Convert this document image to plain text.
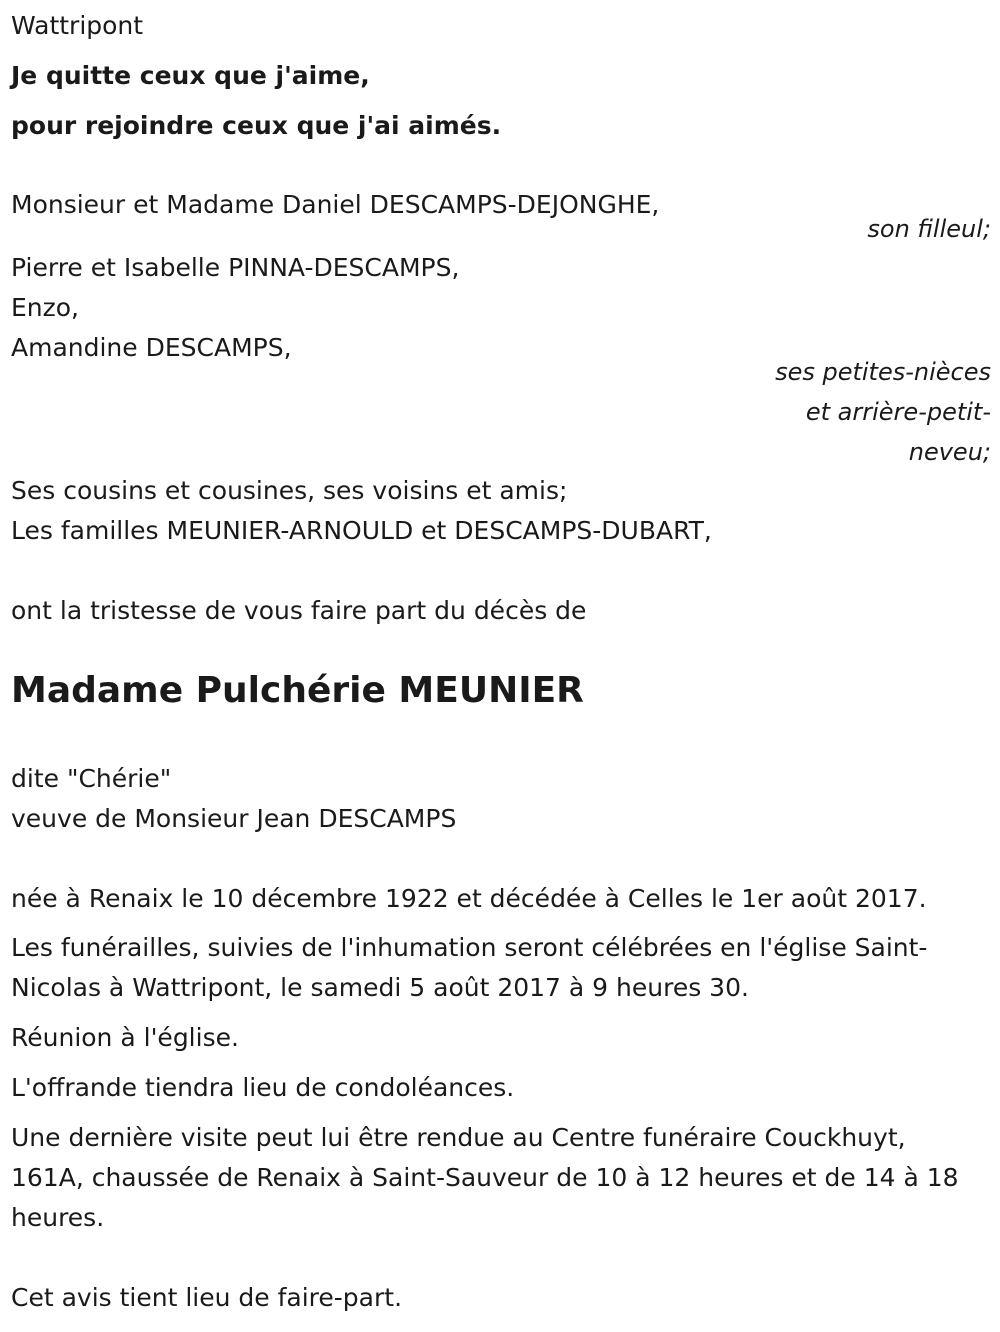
Wattripont
Je quitte ceux que j'aime,
pour rejoindre ceux que j'ai aimés.
Monsieur et Madame Daniel DESCAMPS-DEJONGHE,
son filleul;
Pierre et Isabelle PINNA-DESCAMPS,
Enzo,
Amandine DESCAMPS,
ses petites-nièces
et arrière-petit-
neveu;
Ses cousins et cousines, ses voisins et amis;
Les familles MEUNIER-ARNOULD et DESCAMPS-DUBART,
ont la tristesse de vous faire part du décès de
Madame Pulchérie MEUNIER
dite "Chérie"
veuve de Monsieur Jean DESCAMPS
née à Renaix le 10 décembre 1922 et décédée à Celles le 1er août 2017.
Les funérailles, suivies de l'inhumation seront célébrées en l'église Saint-
Nicolas à Wattripont, le samedi 5 août 2017 à 9 heures 30.
Réunion à l'église.
L'offrande tiendra lieu de condoléances.
Une dernière visite peut lui être rendue au Centre funéraire Couckhuyt,
161A, chaussée de Renaix à Saint-Sauveur de 10 à 12 heures et de 14 à 18
heures.
Cet avis tient lieu de faire-part.
